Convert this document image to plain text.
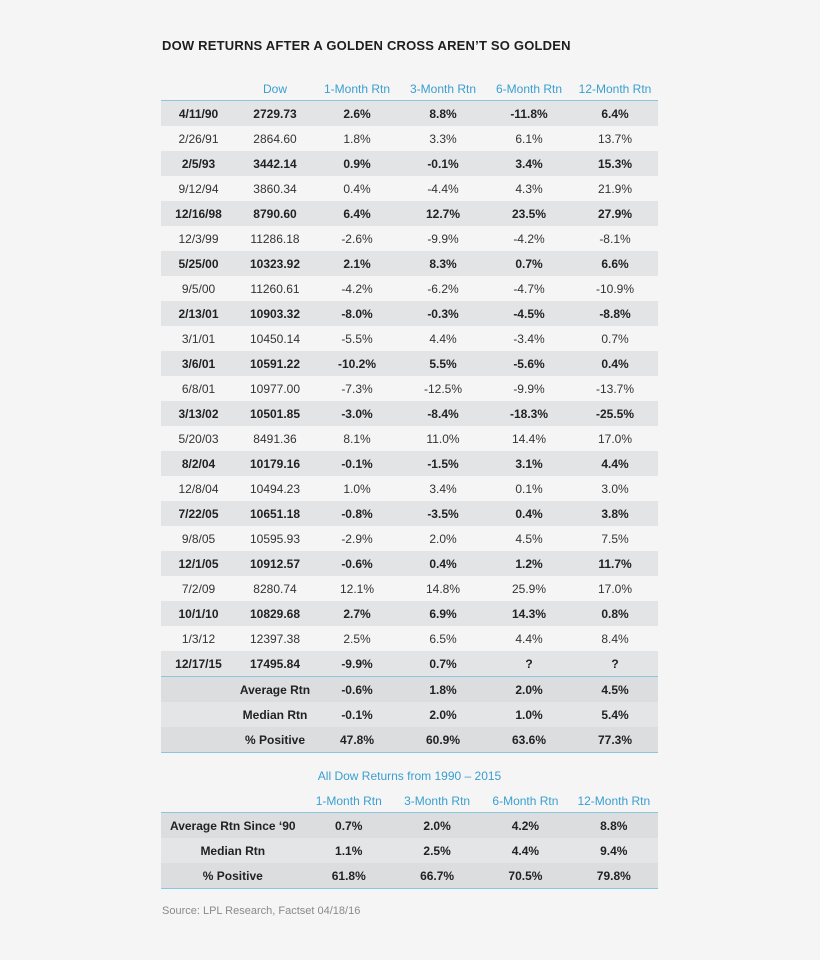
DOW RETURNS AFTER A GOLDEN CROSS AREN’T SO GOLDEN
	Dow	1-Month Rtn	3-Month Rtn	6-Month Rtn	12-Month Rtn
4/11/90	2729.73	2.6%	8.8%	-11.8%	6.4%
2/26/91	2864.60	1.8%	3.3%	6.1%	13.7%
2/5/93	3442.14	0.9%	-0.1%	3.4%	15.3%
9/12/94	3860.34	0.4%	-4.4%	4.3%	21.9%
12/16/98	8790.60	6.4%	12.7%	23.5%	27.9%
12/3/99	11286.18	-2.6%	-9.9%	-4.2%	-8.1%
5/25/00	10323.92	2.1%	8.3%	0.7%	6.6%
9/5/00	11260.61	-4.2%	-6.2%	-4.7%	-10.9%
2/13/01	10903.32	-8.0%	-0.3%	-4.5%	-8.8%
3/1/01	10450.14	-5.5%	4.4%	-3.4%	0.7%
3/6/01	10591.22	-10.2%	5.5%	-5.6%	0.4%
6/8/01	10977.00	-7.3%	-12.5%	-9.9%	-13.7%
3/13/02	10501.85	-3.0%	-8.4%	-18.3%	-25.5%
5/20/03	8491.36	8.1%	11.0%	14.4%	17.0%
8/2/04	10179.16	-0.1%	-1.5%	3.1%	4.4%
12/8/04	10494.23	1.0%	3.4%	0.1%	3.0%
7/22/05	10651.18	-0.8%	-3.5%	0.4%	3.8%
9/8/05	10595.93	-2.9%	2.0%	4.5%	7.5%
12/1/05	10912.57	-0.6%	0.4%	1.2%	11.7%
7/2/09	8280.74	12.1%	14.8%	25.9%	17.0%
10/1/10	10829.68	2.7%	6.9%	14.3%	0.8%
1/3/12	12397.38	2.5%	6.5%	4.4%	8.4%
12/17/15	17495.84	-9.9%	0.7%	?	?
	Average Rtn	-0.6%	1.8%	2.0%	4.5%
	Median Rtn	-0.1%	2.0%	1.0%	5.4%
	% Positive	47.8%	60.9%	63.6%	77.3%
All Dow Returns from 1990 – 2015
	1-Month Rtn	3-Month Rtn	6-Month Rtn	12-Month Rtn
Average Rtn Since ‘90	0.7%	2.0%	4.2%	8.8%
Median Rtn	1.1%	2.5%	4.4%	9.4%
% Positive	61.8%	66.7%	70.5%	79.8%
Source: LPL Research, Factset 04/18/16
